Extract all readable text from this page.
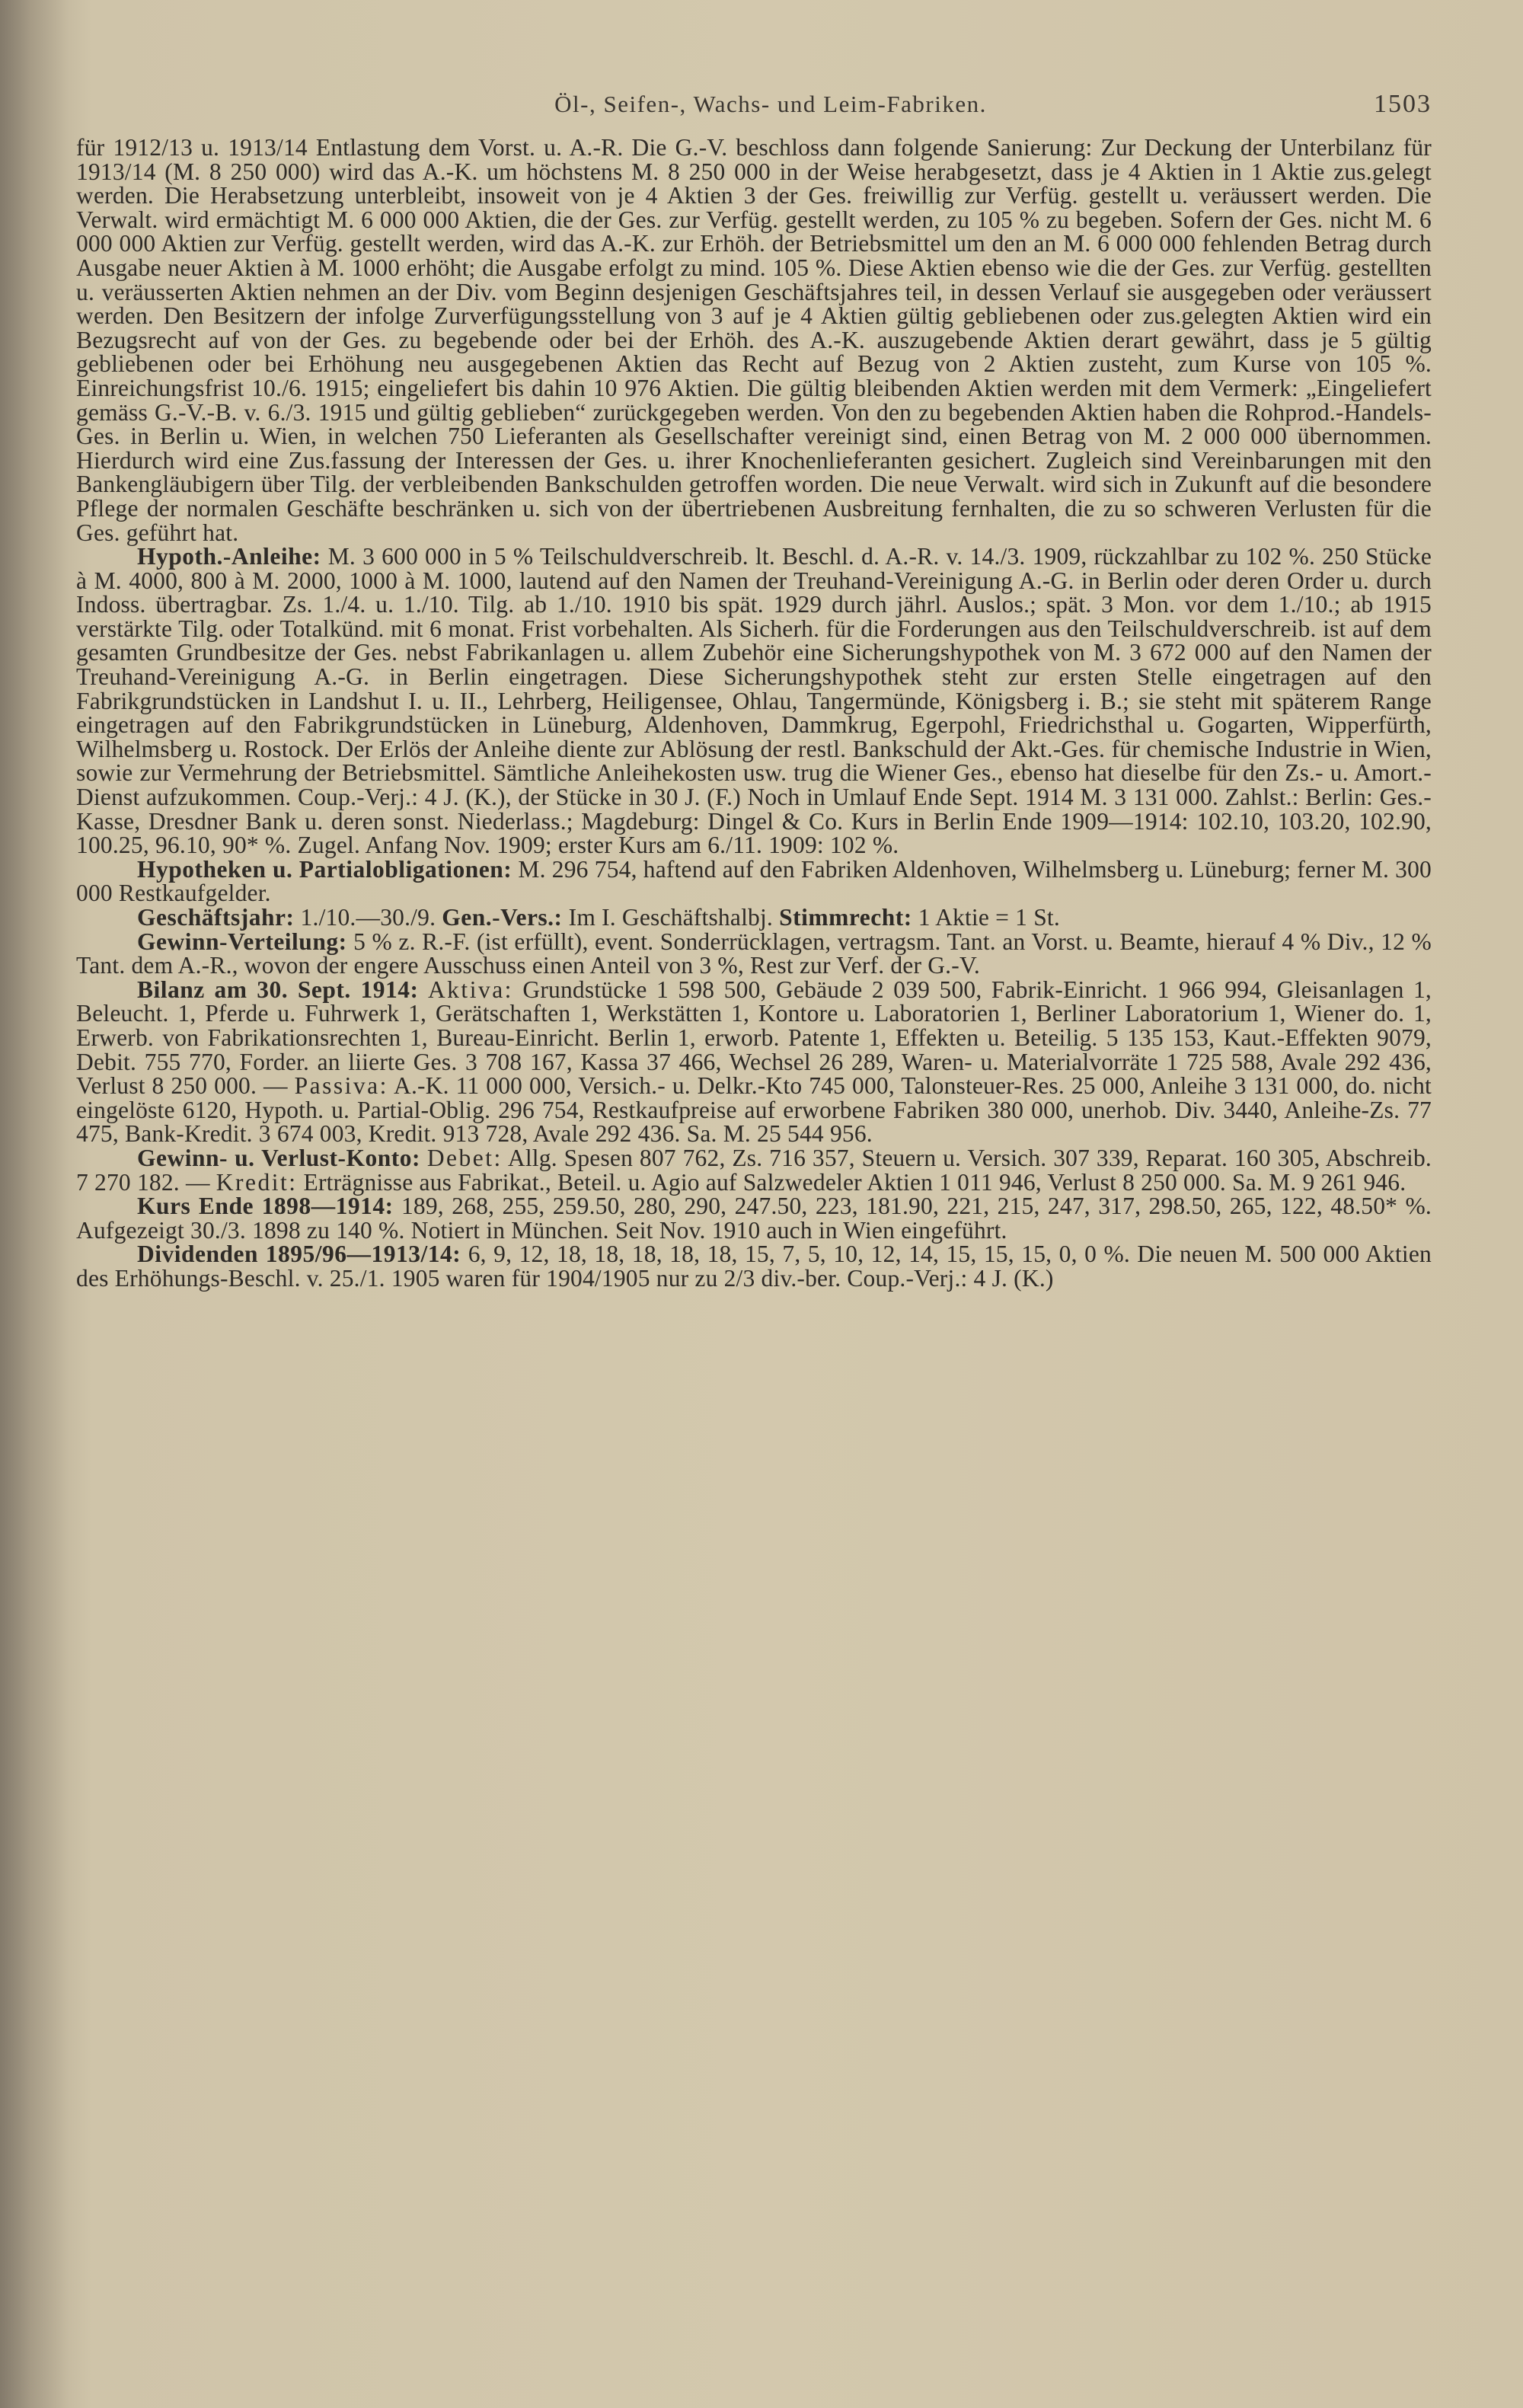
Öl-, Seifen-, Wachs- und Leim-Fabriken.	1503

für 1912/13 u. 1913/14 Entlastung dem Vorst. u. A.-R. Die G.-V. beschloss dann folgende Sanierung: Zur Deckung der Unterbilanz für 1913/14 (M. 8 250 000) wird das A.-K. um höchstens M. 8 250 000 in der Weise herabgesetzt, dass je 4 Aktien in 1 Aktie zus.gelegt werden. Die Herabsetzung unterbleibt, insoweit von je 4 Aktien 3 der Ges. freiwillig zur Verfüg. gestellt u. veräussert werden. Die Verwalt. wird ermächtigt M. 6 000 000 Aktien, die der Ges. zur Verfüg. gestellt werden, zu 105 % zu begeben. Sofern der Ges. nicht M. 6 000 000 Aktien zur Verfüg. gestellt werden, wird das A.-K. zur Erhöh. der Betriebsmittel um den an M. 6 000 000 fehlenden Betrag durch Ausgabe neuer Aktien à M. 1000 erhöht; die Ausgabe erfolgt zu mind. 105 %. Diese Aktien ebenso wie die der Ges. zur Verfüg. gestellten u. veräusserten Aktien nehmen an der Div. vom Beginn desjenigen Geschäftsjahres teil, in dessen Verlauf sie ausgegeben oder veräussert werden. Den Besitzern der infolge Zurverfügungsstellung von 3 auf je 4 Aktien gültig gebliebenen oder zus.gelegten Aktien wird ein Bezugsrecht auf von der Ges. zu begebende oder bei der Erhöh. des A.-K. auszugebende Aktien derart gewährt, dass je 5 gültig gebliebenen oder bei Erhöhung neu ausgegebenen Aktien das Recht auf Bezug von 2 Aktien zusteht, zum Kurse von 105 %. Einreichungsfrist 10./6. 1915; eingeliefert bis dahin 10 976 Aktien. Die gültig bleibenden Aktien werden mit dem Vermerk: „Eingeliefert gemäss G.-V.-B. v. 6./3. 1915 und gültig geblieben“ zurückgegeben werden. Von den zu begebenden Aktien haben die Rohprod.-Handels-Ges. in Berlin u. Wien, in welchen 750 Lieferanten als Gesellschafter vereinigt sind, einen Betrag von M. 2 000 000 übernommen. Hierdurch wird eine Zus.fassung der Interessen der Ges. u. ihrer Knochenlieferanten gesichert. Zugleich sind Vereinbarungen mit den Bankengläubigern über Tilg. der verbleibenden Bankschulden getroffen worden. Die neue Verwalt. wird sich in Zukunft auf die besondere Pflege der normalen Geschäfte beschränken u. sich von der übertriebenen Ausbreitung fernhalten, die zu so schweren Verlusten für die Ges. geführt hat.

Hypoth.-Anleihe: M. 3 600 000 in 5 % Teilschuldverschreib. lt. Beschl. d. A.-R. v. 14./3. 1909, rückzahlbar zu 102 %. 250 Stücke à M. 4000, 800 à M. 2000, 1000 à M. 1000, lautend auf den Namen der Treuhand-Vereinigung A.-G. in Berlin oder deren Order u. durch Indoss. übertragbar. Zs. 1./4. u. 1./10. Tilg. ab 1./10. 1910 bis spät. 1929 durch jährl. Auslos.; spät. 3 Mon. vor dem 1./10.; ab 1915 verstärkte Tilg. oder Totalkünd. mit 6 monat. Frist vorbehalten. Als Sicherh. für die Forderungen aus den Teilschuldverschreib. ist auf dem gesamten Grundbesitze der Ges. nebst Fabrikanlagen u. allem Zubehör eine Sicherungshypothek von M. 3 672 000 auf den Namen der Treuhand-Vereinigung A.-G. in Berlin eingetragen. Diese Sicherungshypothek steht zur ersten Stelle eingetragen auf den Fabrikgrundstücken in Landshut I. u. II., Lehrberg, Heiligensee, Ohlau, Tangermünde, Königsberg i. B.; sie steht mit späterem Range eingetragen auf den Fabrikgrundstücken in Lüneburg, Aldenhoven, Dammkrug, Egerpohl, Friedrichsthal u. Gogarten, Wipperfürth, Wilhelmsberg u. Rostock. Der Erlös der Anleihe diente zur Ablösung der restl. Bankschuld der Akt.-Ges. für chemische Industrie in Wien, sowie zur Vermehrung der Betriebsmittel. Sämtliche Anleihekosten usw. trug die Wiener Ges., ebenso hat dieselbe für den Zs.- u. Amort.-Dienst aufzukommen. Coup.-Verj.: 4 J. (K.), der Stücke in 30 J. (F.) Noch in Umlauf Ende Sept. 1914 M. 3 131 000. Zahlst.: Berlin: Ges.-Kasse, Dresdner Bank u. deren sonst. Niederlass.; Magdeburg: Dingel & Co. Kurs in Berlin Ende 1909—1914: 102.10, 103.20, 102.90, 100.25, 96.10, 90* %. Zugel. Anfang Nov. 1909; erster Kurs am 6./11. 1909: 102 %.

Hypotheken u. Partialobligationen: M. 296 754, haftend auf den Fabriken Aldenhoven, Wilhelmsberg u. Lüneburg; ferner M. 300 000 Restkaufgelder.

Geschäftsjahr: 1./10.—30./9. Gen.-Vers.: Im I. Geschäftshalbj. Stimmrecht: 1 Aktie = 1 St.

Gewinn-Verteilung: 5 % z. R.-F. (ist erfüllt), event. Sonderrücklagen, vertragsm. Tant. an Vorst. u. Beamte, hierauf 4 % Div., 12 % Tant. dem A.-R., wovon der engere Ausschuss einen Anteil von 3 %, Rest zur Verf. der G.-V.

Bilanz am 30. Sept. 1914: Aktiva: Grundstücke 1 598 500, Gebäude 2 039 500, Fabrik-Einricht. 1 966 994, Gleisanlagen 1, Beleucht. 1, Pferde u. Fuhrwerk 1, Gerätschaften 1, Werkstätten 1, Kontore u. Laboratorien 1, Berliner Laboratorium 1, Wiener do. 1, Erwerb. von Fabrikationsrechten 1, Bureau-Einricht. Berlin 1, erworb. Patente 1, Effekten u. Beteilig. 5 135 153, Kaut.-Effekten 9079, Debit. 755 770, Forder. an liierte Ges. 3 708 167, Kassa 37 466, Wechsel 26 289, Waren- u. Materialvorräte 1 725 588, Avale 292 436, Verlust 8 250 000. — Passiva: A.-K. 11 000 000, Versich.- u. Delkr.-Kto 745 000, Talonsteuer-Res. 25 000, Anleihe 3 131 000, do. nicht eingelöste 6120, Hypoth. u. Partial-Oblig. 296 754, Restkaufpreise auf erworbene Fabriken 380 000, unerhob. Div. 3440, Anleihe-Zs. 77 475, Bank-Kredit. 3 674 003, Kredit. 913 728, Avale 292 436. Sa. M. 25 544 956.

Gewinn- u. Verlust-Konto: Debet: Allg. Spesen 807 762, Zs. 716 357, Steuern u. Versich. 307 339, Reparat. 160 305, Abschreib. 7 270 182. — Kredit: Erträgnisse aus Fabrikat., Beteil. u. Agio auf Salzwedeler Aktien 1 011 946, Verlust 8 250 000. Sa. M. 9 261 946.

Kurs Ende 1898—1914: 189, 268, 255, 259.50, 280, 290, 247.50, 223, 181.90, 221, 215, 247, 317, 298.50, 265, 122, 48.50* %. Aufgezeigt 30./3. 1898 zu 140 %. Notiert in München. Seit Nov. 1910 auch in Wien eingeführt.

Dividenden 1895/96—1913/14: 6, 9, 12, 18, 18, 18, 18, 18, 15, 7, 5, 10, 12, 14, 15, 15, 15, 0, 0 %. Die neuen M. 500 000 Aktien des Erhöhungs-Beschl. v. 25./1. 1905 waren für 1904/1905 nur zu 2/3 div.-ber. Coup.-Verj.: 4 J. (K.)
